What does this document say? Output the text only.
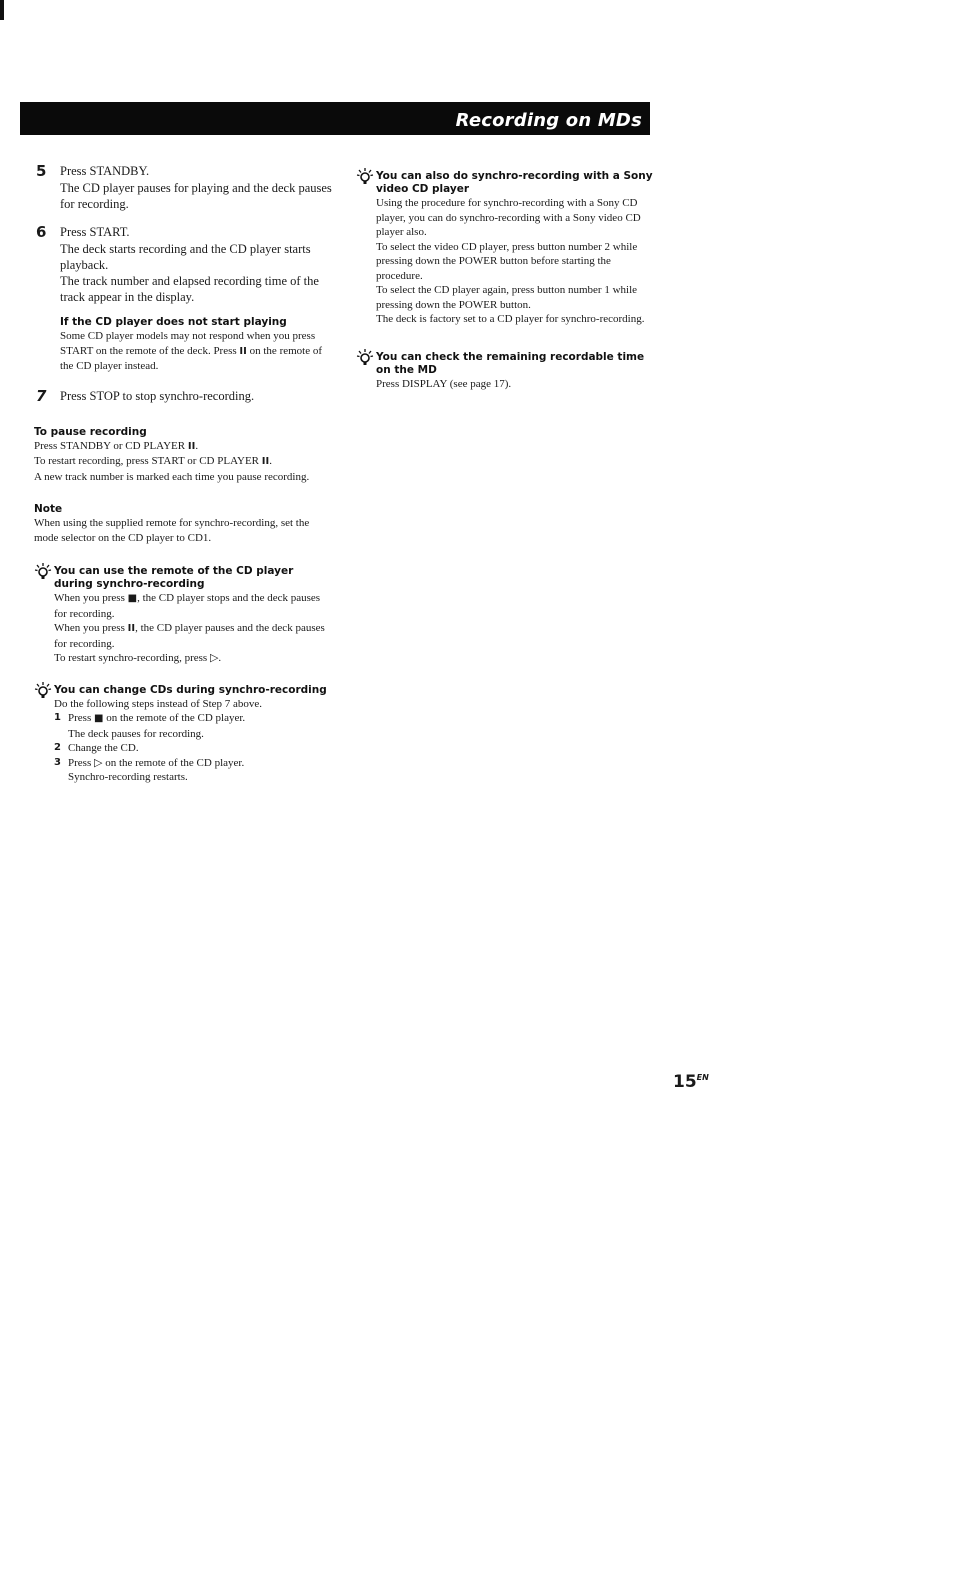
Recording on MDs
5 Press STANDBY.
The CD player pauses for playing and the deck pauses for recording.
6 Press START.
The deck starts recording and the CD player starts playback.
The track number and elapsed recording time of the track appear in the display.
If the CD player does not start playing
Some CD player models may not respond when you press START on the remote of the deck. Press II on the remote of the CD player instead.
7 Press STOP to stop synchro-recording.
To pause recording
Press STANDBY or CD PLAYER II.
To restart recording, press START or CD PLAYER II.
A new track number is marked each time you pause recording.
Note
When using the supplied remote for synchro-recording, set the mode selector on the CD player to CD1.
You can use the remote of the CD player during synchro-recording
When you press ■, the CD player stops and the deck pauses for recording.
When you press II, the CD player pauses and the deck pauses for recording.
To restart synchro-recording, press ▷.
You can change CDs during synchro-recording
Do the following steps instead of Step 7 above.
1 Press ■ on the remote of the CD player.
The deck pauses for recording.
2 Change the CD.
3 Press ▷ on the remote of the CD player.
Synchro-recording restarts.
You can also do synchro-recording with a Sony video CD player
Using the procedure for synchro-recording with a Sony CD player, you can do synchro-recording with a Sony video CD player also.
To select the video CD player, press button number 2 while pressing down the POWER button before starting the procedure.
To select the CD player again, press button number 1 while pressing down the POWER button.
The deck is factory set to a CD player for synchro-recording.
You can check the remaining recordable time on the MD
Press DISPLAY (see page 17).
$15^{EN}$
